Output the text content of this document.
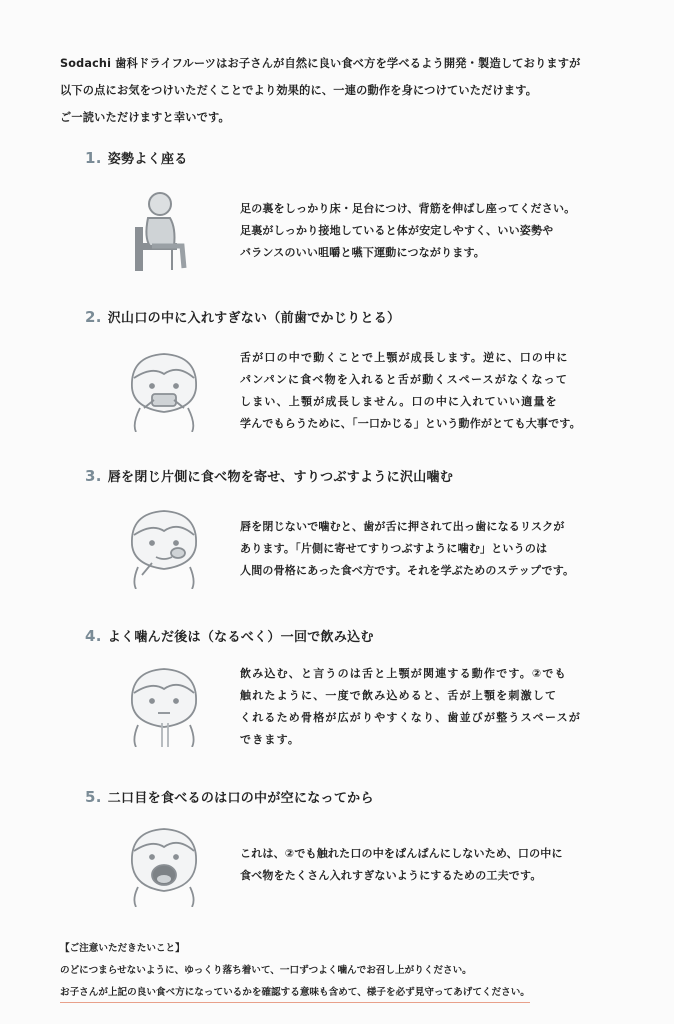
Sodachi 歯科ドライフルーツはお子さんが自然に良い食べ方を学べるよう開発・製造しておりますが

以下の点にお気をつけいただくことでより効果的に、一連の動作を身につけていただけます。

ご一読いただけますと幸いです。

1. 姿勢よく座る

足の裏をしっかり床・足台につけ、背筋を伸ばし座ってください。

足裏がしっかり接地していると体が安定しやすく、いい姿勢や

バランスのいい咀嚼と嚥下運動につながります。

2. 沢山口の中に入れすぎない（前歯でかじりとる）

舌が口の中で動くことで上顎が成長します。逆に、口の中に

パンパンに食べ物を入れると舌が動くスペースがなくなって

しまい、上顎が成長しません。口の中に入れていい適量を

学んでもらうために、「一口かじる」という動作がとても大事です。

3. 唇を閉じ片側に食べ物を寄せ、すりつぶすように沢山噛む

唇を閉じないで噛むと、歯が舌に押されて出っ歯になるリスクが

あります。「片側に寄せてすりつぶすように噛む」というのは

人間の骨格にあった食べ方です。それを学ぶためのステップです。

4. よく噛んだ後は（なるべく）一回で飲み込む

飲み込む、と言うのは舌と上顎が関連する動作です。②でも

触れたように、一度で飲み込めると、舌が上顎を刺激して

くれるため骨格が広がりやすくなり、歯並びが整うスペースが

できます。

5. 二口目を食べるのは口の中が空になってから

これは、②でも触れた口の中をぱんぱんにしないため、口の中に

食べ物をたくさん入れすぎないようにするための工夫です。

【ご注意いただきたいこと】

のどにつまらせないように、ゆっくり落ち着いて、一口ずつよく噛んでお召し上がりください。

お子さんが上記の良い食べ方になっているかを確認する意味も含めて、様子を必ず見守ってあげてください。
